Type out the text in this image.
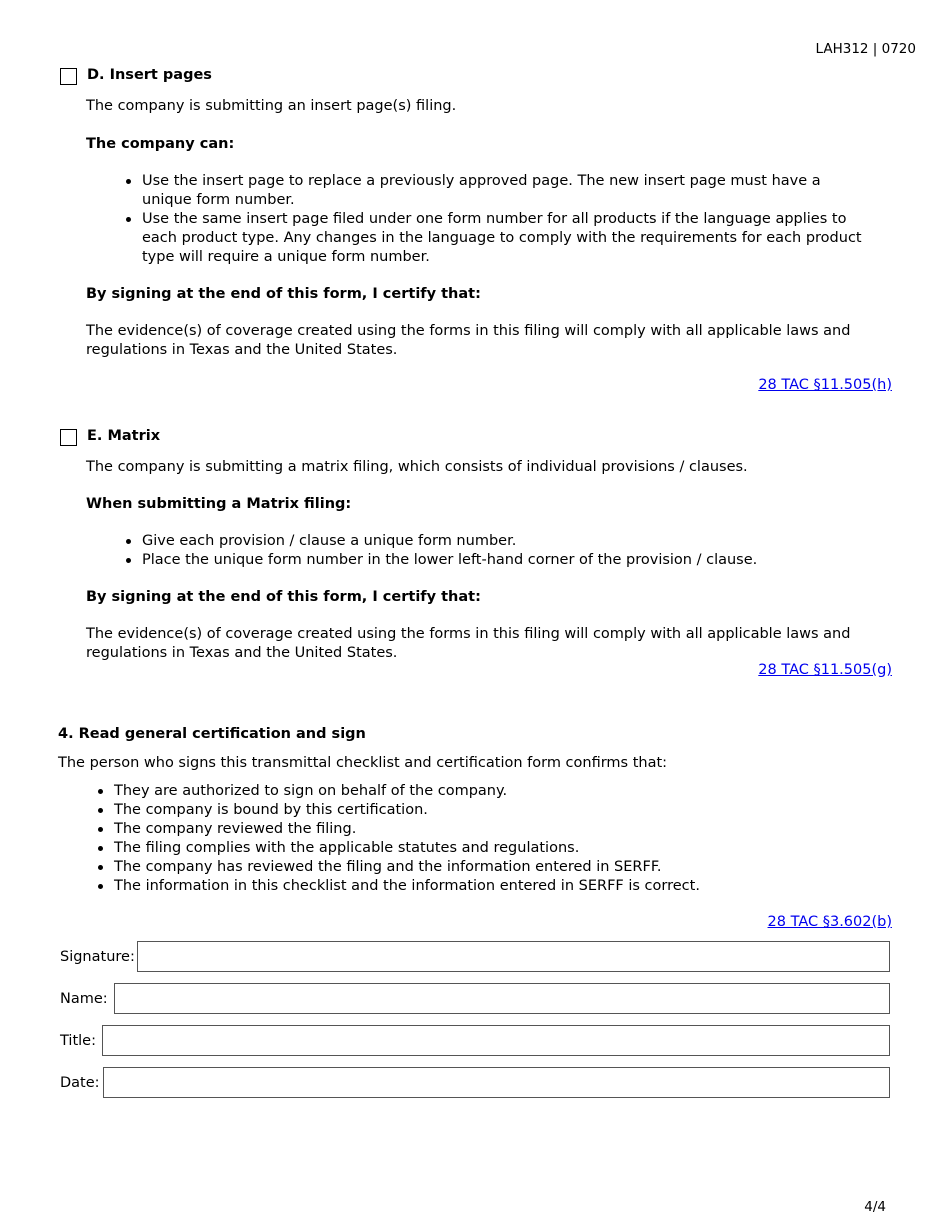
LAH312 | 0720
D. Insert pages
The company is submitting an insert page(s) filing.
The company can:
Use the insert page to replace a previously approved page. The new insert page must have a unique form number.
Use the same insert page filed under one form number for all products if the language applies to each product type. Any changes in the language to comply with the requirements for each product type will require a unique form number.
By signing at the end of this form, I certify that:
The evidence(s) of coverage created using the forms in this filing will comply with all applicable laws and regulations in Texas and the United States.
28 TAC §11.505(h)
E. Matrix
The company is submitting a matrix filing, which consists of individual provisions / clauses.
When submitting a Matrix filing:
Give each provision / clause a unique form number.
Place the unique form number in the lower left-hand corner of the provision / clause.
By signing at the end of this form, I certify that:
The evidence(s) of coverage created using the forms in this filing will comply with all applicable laws and regulations in Texas and the United States.
28 TAC §11.505(g)
4. Read general certification and sign
The person who signs this transmittal checklist and certification form confirms that:
They are authorized to sign on behalf of the company.
The company is bound by this certification.
The company reviewed the filing.
The filing complies with the applicable statutes and regulations.
The company has reviewed the filing and the information entered in SERFF.
The information in this checklist and the information entered in SERFF is correct.
28 TAC §3.602(b)
Signature:
Name:
Title:
Date:
4/4
